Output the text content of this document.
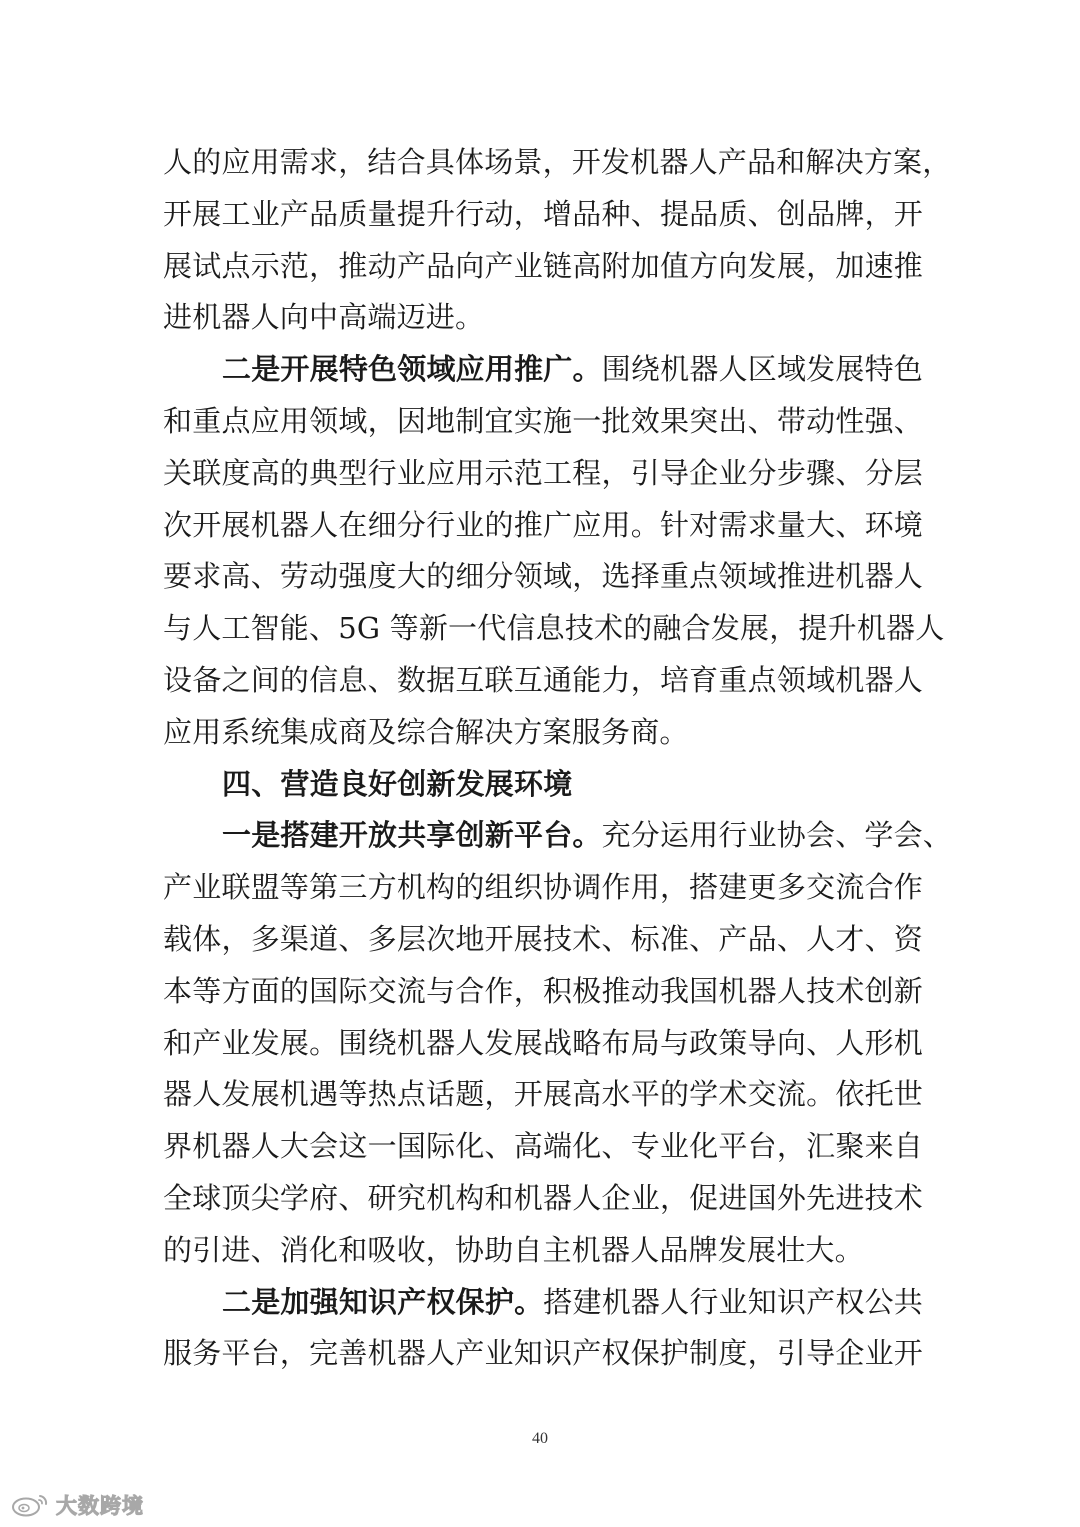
人的应用需求，结合具体场景，开发机器人产品和解决方案，
开展工业产品质量提升行动，增品种、提品质、创品牌，开
展试点示范，推动产品向产业链高附加值方向发展，加速推
进机器人向中高端迈进。
二是开展特色领域应用推广。围绕机器人区域发展特色
和重点应用领域，因地制宜实施一批效果突出、带动性强、
关联度高的典型行业应用示范工程，引导企业分步骤、分层
次开展机器人在细分行业的推广应用。针对需求量大、环境
要求高、劳动强度大的细分领域，选择重点领域推进机器人
与人工智能、5G 等新一代信息技术的融合发展，提升机器人
设备之间的信息、数据互联互通能力，培育重点领域机器人
应用系统集成商及综合解决方案服务商。
四、营造良好创新发展环境
一是搭建开放共享创新平台。充分运用行业协会、学会、
产业联盟等第三方机构的组织协调作用，搭建更多交流合作
载体，多渠道、多层次地开展技术、标准、产品、人才、资
本等方面的国际交流与合作，积极推动我国机器人技术创新
和产业发展。围绕机器人发展战略布局与政策导向、人形机
器人发展机遇等热点话题，开展高水平的学术交流。依托世
界机器人大会这一国际化、高端化、专业化平台，汇聚来自
全球顶尖学府、研究机构和机器人企业，促进国外先进技术
的引进、消化和吸收，协助自主机器人品牌发展壮大。
二是加强知识产权保护。搭建机器人行业知识产权公共
服务平台，完善机器人产业知识产权保护制度，引导企业开
40
大数跨境
